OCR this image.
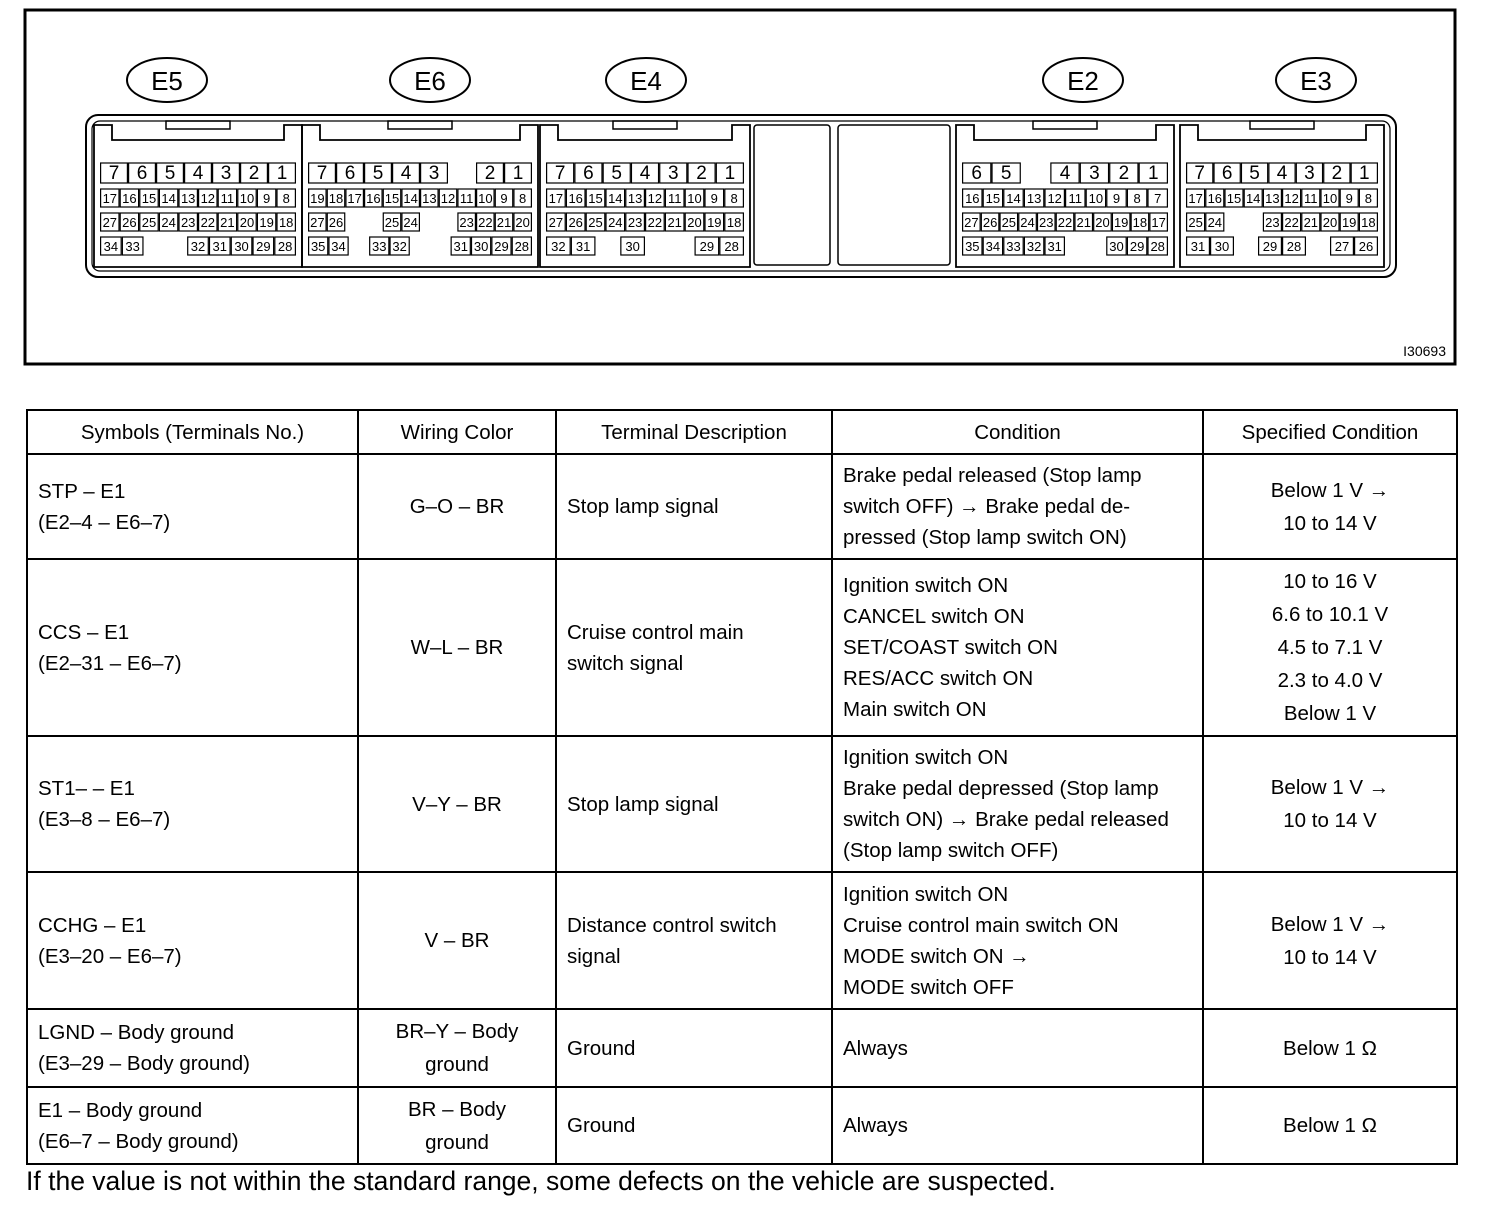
E5
7 6 5 4 3 2 1
17 16 15 14 13 12 11 10 9 8
27 26 25 24 23 22 21 20 19 18
34 33	32 31 30 29 28
E6
7 6 5 4 3 2 1
19 18 17 16 15 14 13 12 11 10 9 8
27 26	25 24	23 22 21 20
35 34 33 32	31 30 29 28
E4
7 6 5 4 3 2 1
17 16 15 14 13 12 11 10 9 8
27 26 25 24 23 22 21 20 19 18
32 31	30	29 28
E2
6 5	4 3 2 1
16 15 14 13 12 11 10 9 8 7
27 26 25 24 23 22 21 20 19 18 17
35 34 33 32 31	30 29 28
E3
7 6 5 4 3 2 1
17 16 15 14 13 12 11 10 9 8
25 24	23 22 21 20 19 18
31 30	29 28	27 26
I30693
Symbols (Terminals No.)	Wiring Color	Terminal Description	Condition	Specified Condition

STP – E1
(E2–4 – E6–7)	G–O – BR	Stop lamp signal	Brake pedal released (Stop lamp
switch OFF) → Brake pedal de-
pressed (Stop lamp switch ON)	Below 1 V →
10 to 14 V

CCS – E1
(E2–31 – E6–7)	W–L – BR	Cruise control main
switch signal	Ignition switch ON
CANCEL switch ON
SET/COAST switch ON
RES/ACC switch ON
Main switch ON	10 to 16 V
6.6 to 10.1 V
4.5 to 7.1 V
2.3 to 4.0 V
Below 1 V

ST1– – E1
(E3–8 – E6–7)	V–Y – BR	Stop lamp signal	Ignition switch ON
Brake pedal depressed (Stop lamp
switch ON) → Brake pedal released
(Stop lamp switch OFF)	Below 1 V →
10 to 14 V

CCHG – E1
(E3–20 – E6–7)	V – BR	Distance control switch
signal	Ignition switch ON
Cruise control main switch ON
MODE switch ON →
MODE switch OFF	Below 1 V →
10 to 14 V

LGND – Body ground
(E3–29 – Body ground)	BR–Y – Body
ground	Ground	Always	Below 1 Ω

E1 – Body ground
(E6–7 – Body ground)	BR – Body
ground	Ground	Always	Below 1 Ω
If the value is not within the standard range, some defects on the vehicle are suspected.
